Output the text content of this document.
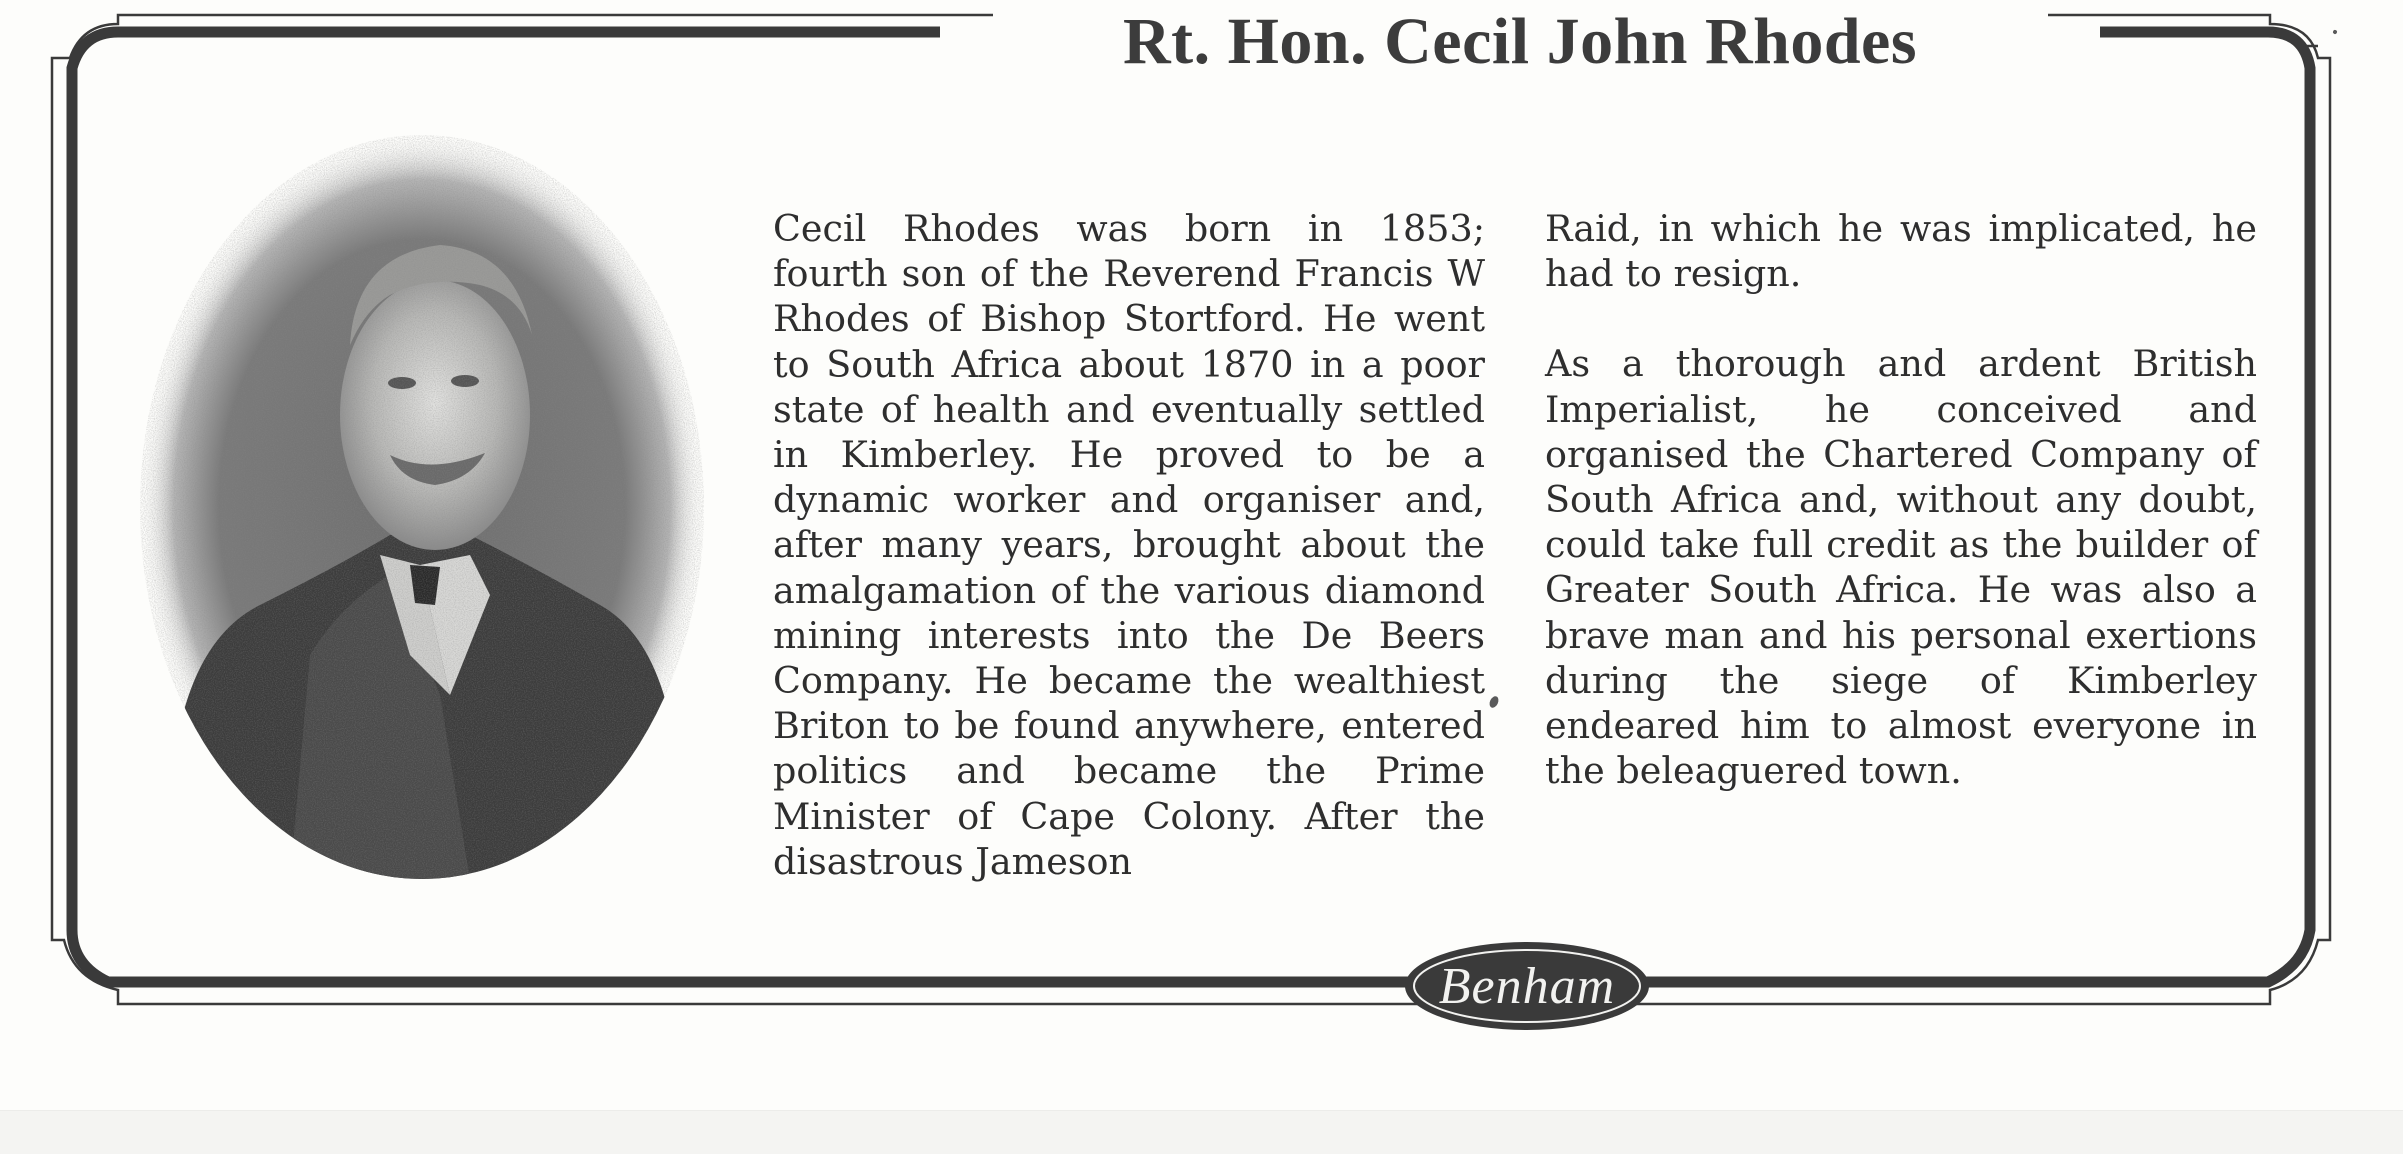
Rt. Hon. Cecil John Rhodes

Cecil Rhodes was born in 1853; fourth son of the Reverend Francis W Rhodes of Bishop Stortford. He went to South Africa about 1870 in a poor state of health and eventually settled in Kimberley. He proved to be a dynamic worker and organiser and, after many years, brought about the amalgamation of the various diamond mining interests into the De Beers Company. He became the wealthiest Briton to be found anywhere, entered politics and became the Prime Minister of Cape Colony. After the disastrous Jameson

Raid, in which he was implicated, he had to resign.

As a thorough and ardent British Imperialist, he conceived and organised the Chartered Company of South Africa and, without any doubt, could take full credit as the builder of Greater South Africa. He was also a brave man and his personal exertions during the siege of Kimberley endeared him to almost everyone in the beleaguered town.

Benham
